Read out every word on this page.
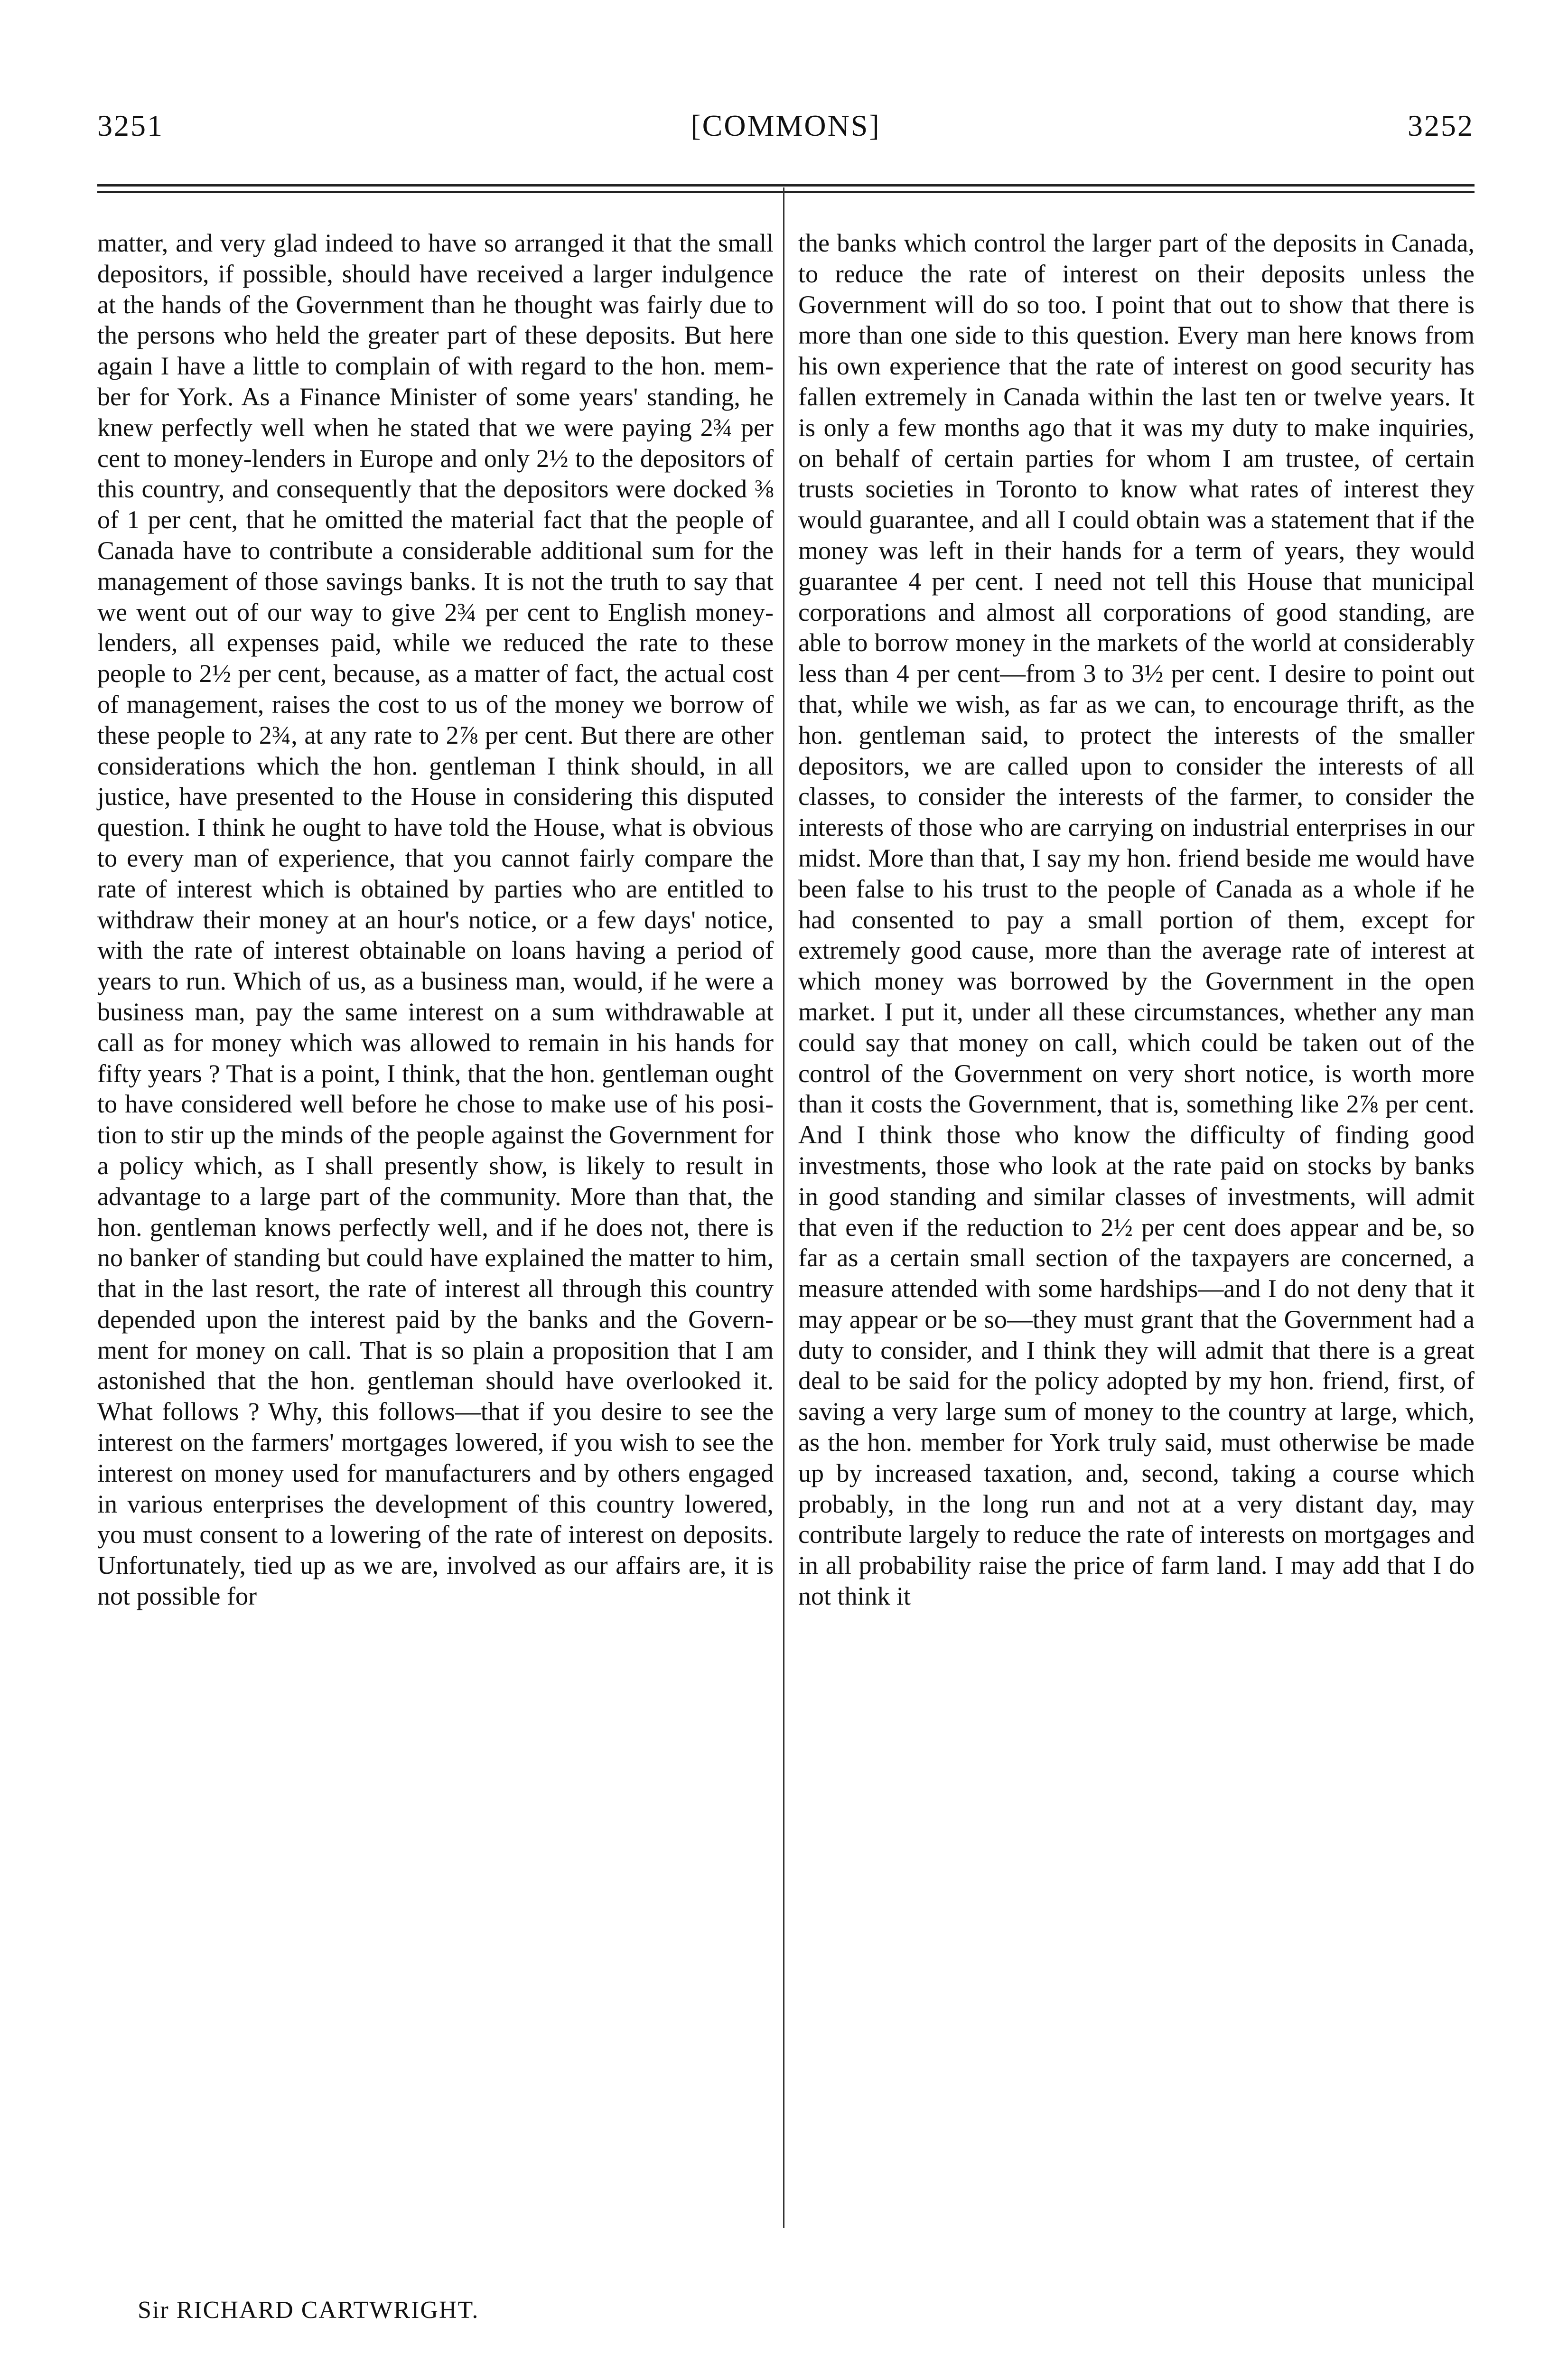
3251	[COMMONS]	3252

matter, and very glad indeed to have so arranged it that the small depositors, if possible, should have received a larger indulgence at the hands of the Government than he thought was fairly due to the persons who held the greater part of these deposits. But here again I have a little to complain of with regard to the hon. member for York. As a Finance Minister of some years' standing, he knew perfectly well when he stated that we were paying 2¾ per cent to money-lenders in Europe and only 2½ to the depositors of this country, and consequently that the depositors were docked ⅜ of 1 per cent, that he omitted the material fact that the people of Canada have to contribute a considerable additional sum for the management of those savings banks. It is not the truth to say that we went out of our way to give 2¾ per cent to English money-lenders, all expenses paid, while we reduced the rate to these people to 2½ per cent, because, as a matter of fact, the actual cost of management, raises the cost to us of the money we borrow of these people to 2¾, at any rate to 2⅞ per cent. But there are other considerations which the hon. gentleman I think should, in all justice, have presented to the House in considering this disputed question. I think he ought to have told the House, what is obvious to every man of experience, that you cannot fairly compare the rate of interest which is obtained by parties who are entitled to withdraw their money at an hour's notice, or a few days' notice, with the rate of interest obtainable on loans having a period of years to run. Which of us, as a business man, would, if he were a business man, pay the same interest on a sum withdrawable at call as for money which was allowed to remain in his hands for fifty years ? That is a point, I think, that the hon. gentleman ought to have considered well before he chose to make use of his position to stir up the minds of the people against the Government for a policy which, as I shall presently show, is likely to result in advantage to a large part of the community. More than that, the hon. gentleman knows perfectly well, and if he does not, there is no banker of standing but could have explained the matter to him, that in the last resort, the rate of interest all through this country depended upon the interest paid by the banks and the Government for money on call. That is so plain a proposition that I am astonished that the hon. gentleman should have overlooked it. What follows ? Why, this follows—that if you desire to see the interest on the farmers' mortgages lowered, if you wish to see the interest on money used for manufacturers and by others engaged in various enterprises the development of this country lowered, you must consent to a lowering of the rate of interest on deposits. Unfortunately, tied up as we are, involved as our affairs are, it is not possible for

the banks which control the larger part of the deposits in Canada, to reduce the rate of interest on their deposits unless the Government will do so too. I point that out to show that there is more than one side to this question. Every man here knows from his own experience that the rate of interest on good security has fallen extremely in Canada within the last ten or twelve years. It is only a few months ago that it was my duty to make inquiries, on behalf of certain parties for whom I am trustee, of certain trusts societies in Toronto to know what rates of interest they would guarantee, and all I could obtain was a statement that if the money was left in their hands for a term of years, they would guarantee 4 per cent. I need not tell this House that municipal corporations and almost all corporations of good standing, are able to borrow money in the markets of the world at considerably less than 4 per cent—from 3 to 3½ per cent. I desire to point out that, while we wish, as far as we can, to encourage thrift, as the hon. gentleman said, to protect the interests of the smaller depositors, we are called upon to consider the interests of all classes, to consider the interests of the farmer, to consider the interests of those who are carrying on industrial enterprises in our midst. More than that, I say my hon. friend beside me would have been false to his trust to the people of Canada as a whole if he had consented to pay a small portion of them, except for extremely good cause, more than the average rate of interest at which money was borrowed by the Government in the open market. I put it, under all these circumstances, whether any man could say that money on call, which could be taken out of the control of the Government on very short notice, is worth more than it costs the Government, that is, something like 2⅞ per cent. And I think those who know the difficulty of finding good investments, those who look at the rate paid on stocks by banks in good standing and similar classes of investments, will admit that even if the reduction to 2½ per cent does appear and be, so far as a certain small section of the taxpayers are concerned, a measure attended with some hardships—and I do not deny that it may appear or be so—they must grant that the Government had a duty to consider, and I think they will admit that there is a great deal to be said for the policy adopted by my hon. friend, first, of saving a very large sum of money to the country at large, which, as the hon. member for York truly said, must otherwise be made up by increased taxation, and, second, taking a course which probably, in the long run and not at a very distant day, may contribute largely to reduce the rate of interests on mortgages and in all probability raise the price of farm land. I may add that I do not think it

Sir RICHARD CARTWRIGHT.
